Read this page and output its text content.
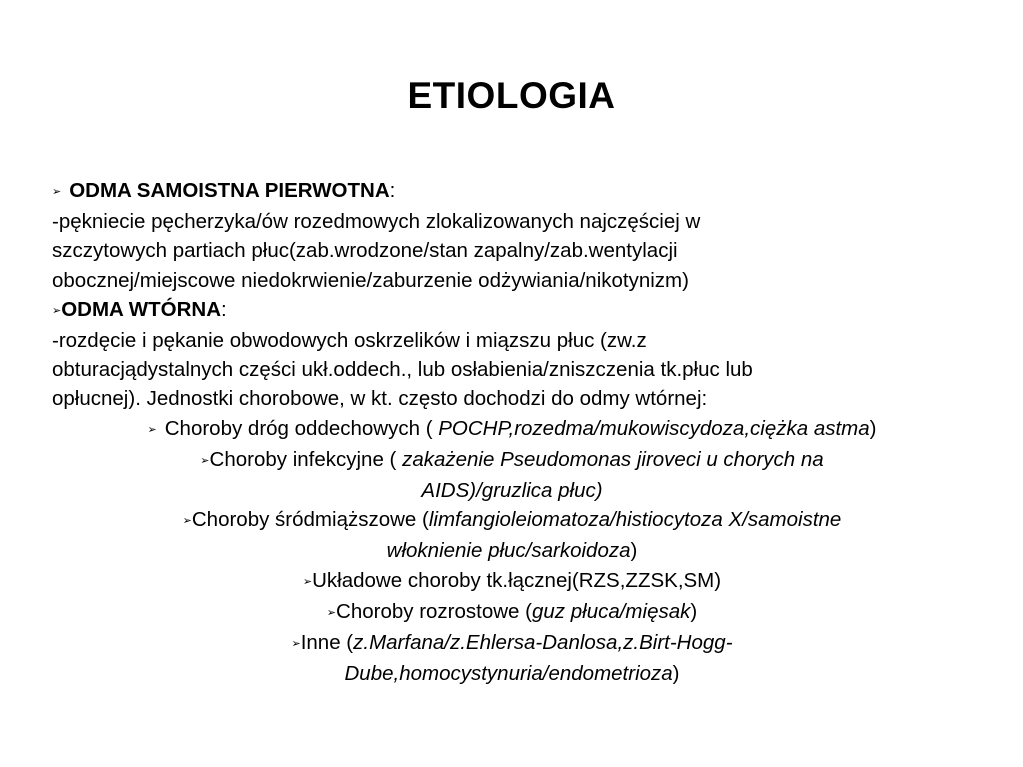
ETIOLOGIA
➢ ODMA SAMOISTNA PIERWOTNA:
-pękniecie pęcherzyka/ów rozedmowych zlokalizowanych najczęściej w
szczytowych partiach płuc(zab.wrodzone/stan zapalny/zab.wentylacji
obocznej/miejscowe niedokrwienie/zaburzenie odżywiania/nikotynizm)
➢ODMA WTÓRNA:
-rozdęcie i pękanie obwodowych oskrzelików i miązszu płuc (zw.z
obturacjądystalnych części ukł.oddech., lub osłabienia/zniszczenia tk.płuc lub
opłucnej). Jednostki chorobowe, w kt. często dochodzi do odmy wtórnej:
➢ Choroby dróg oddechowych ( POCHP,rozedma/mukowiscydoza,ciężka astma)
➢Choroby infekcyjne ( zakażenie Pseudomonas jiroveci u chorych na
AIDS)/gruzlica płuc)
➢Choroby śródmiąższowe (limfangioleiomatoza/histiocytoza X/samoistne
włoknienie płuc/sarkoidoza)
➢Układowe choroby tk.łącznej(RZS,ZZSK,SM)
➢Choroby rozrostowe (guz płuca/mięsak)
➢Inne (z.Marfana/z.Ehlersa-Danlosa,z.Birt-Hogg-
Dube,homocystynuria/endometrioza)
